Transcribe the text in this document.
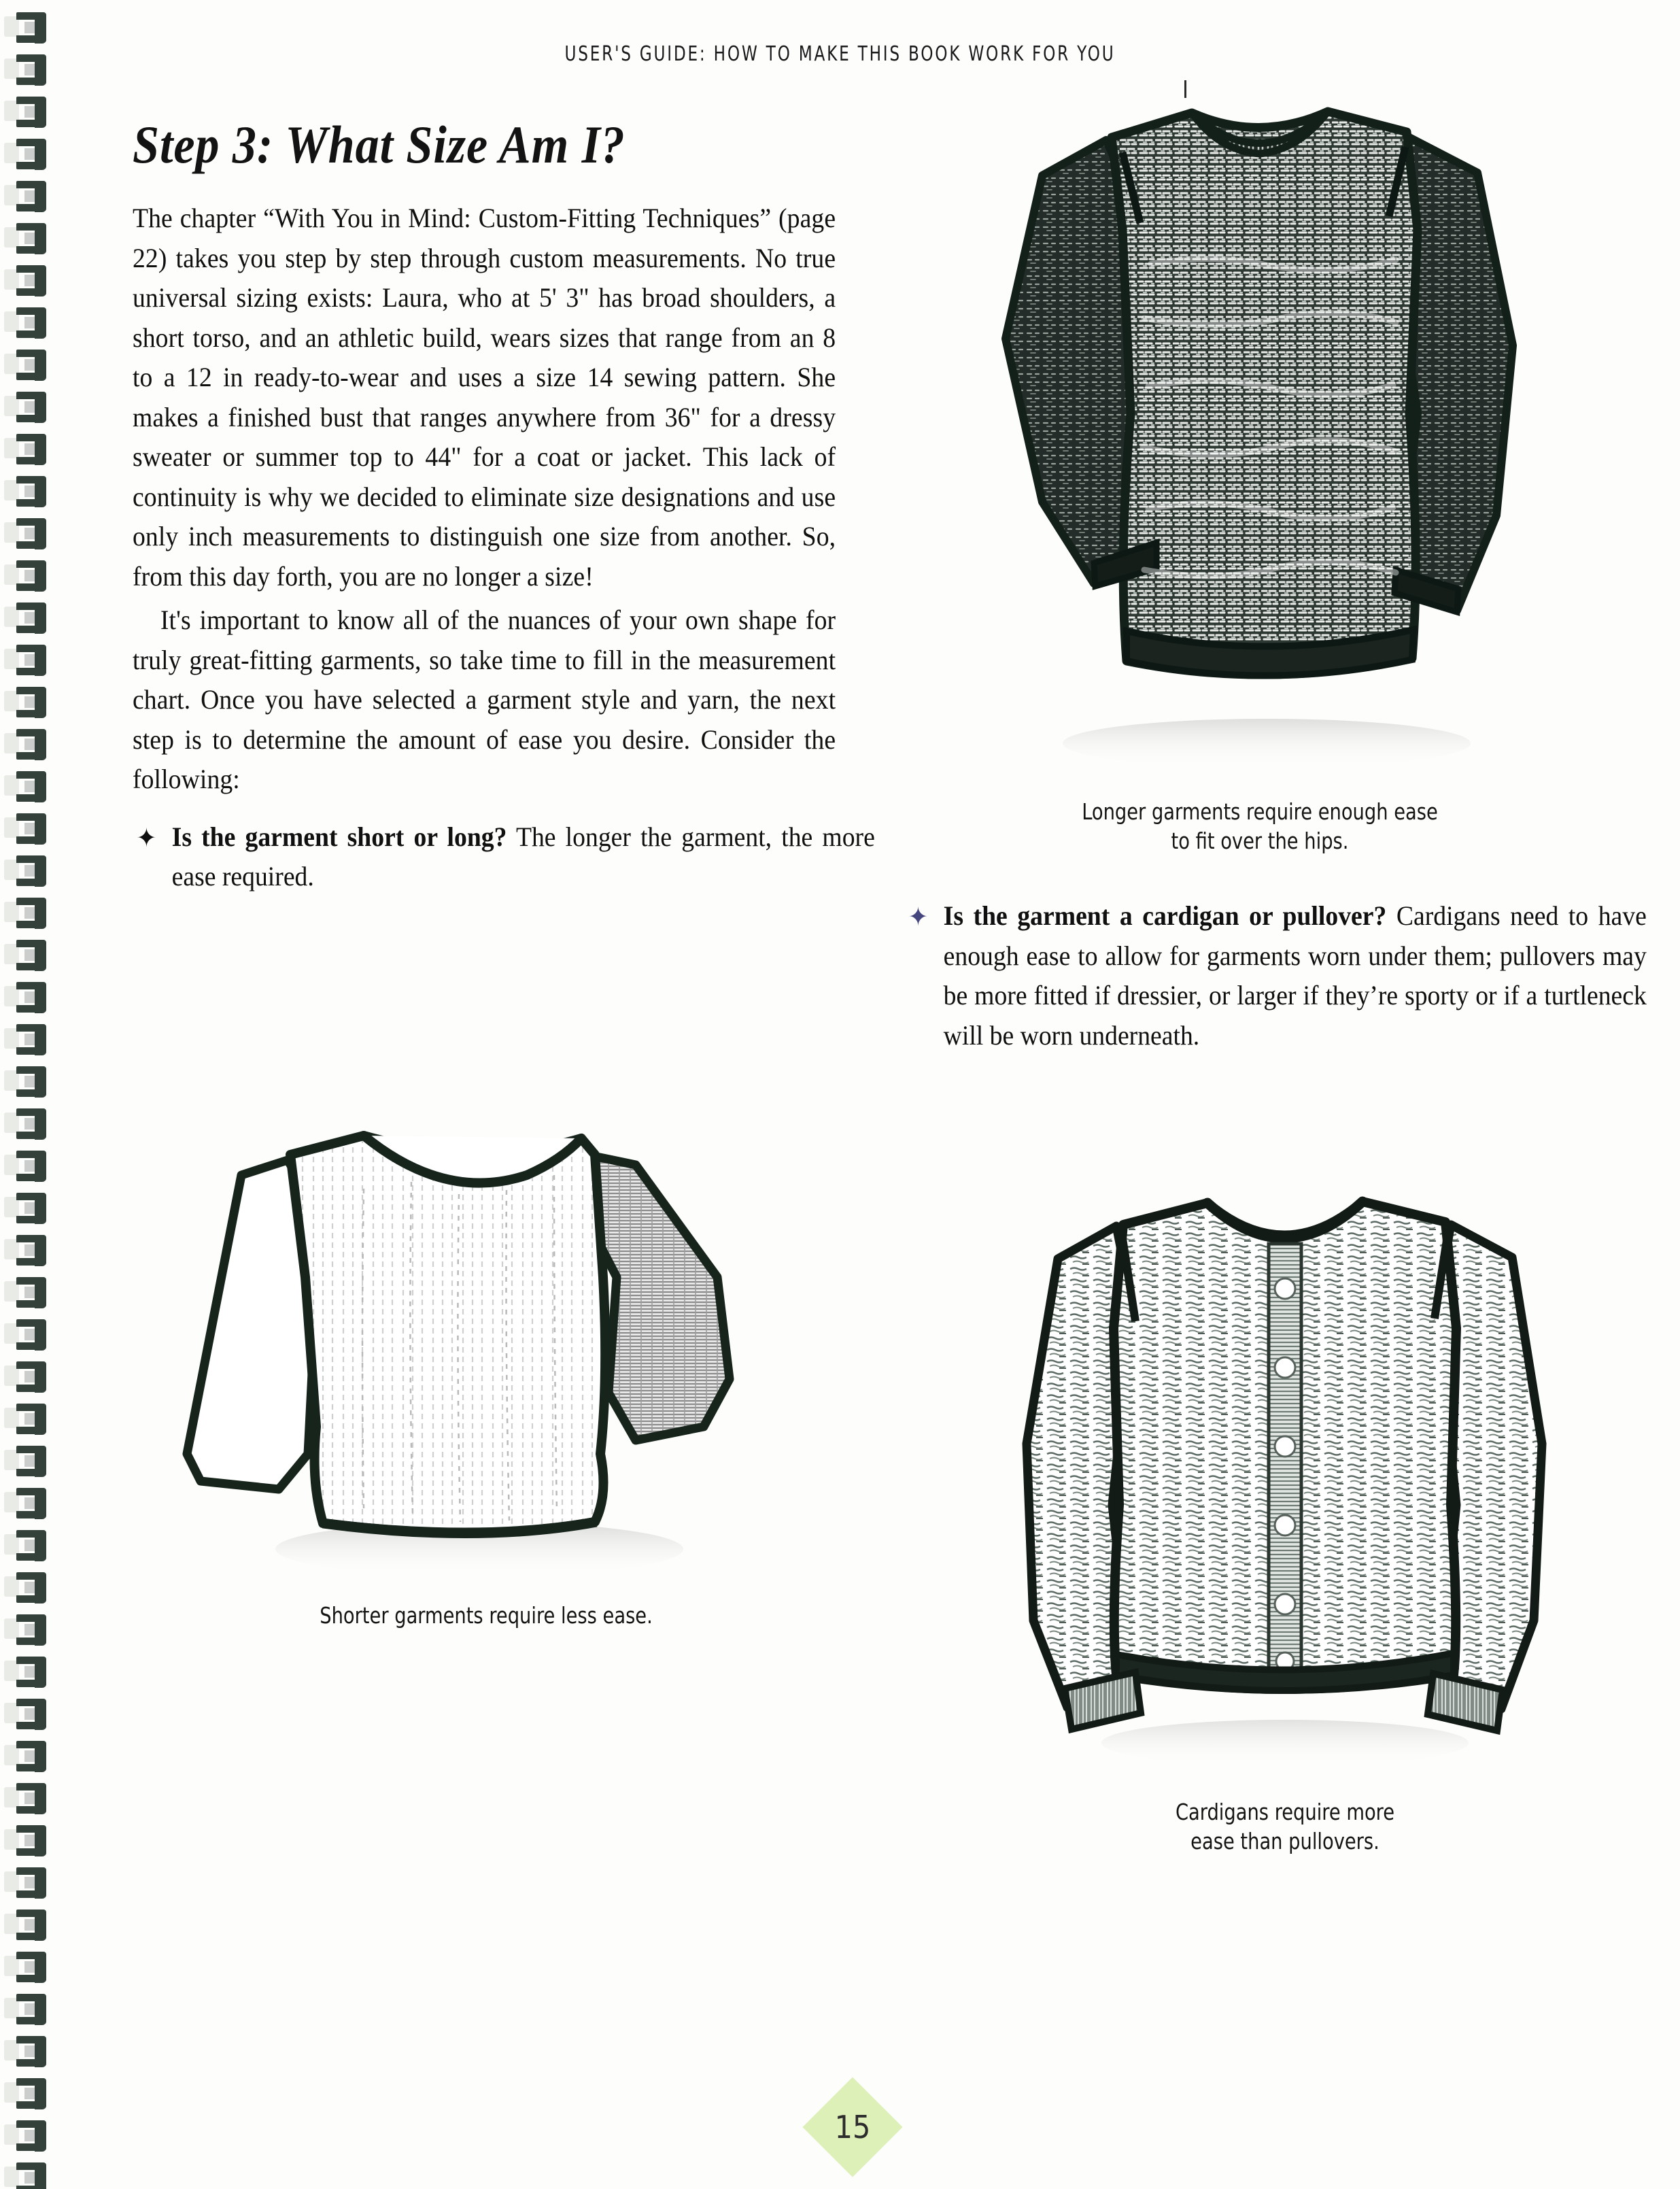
USER'S GUIDE: HOW TO MAKE THIS BOOK WORK FOR YOU
Step 3: What Size Am I?

The chapter “With You in Mind: Custom-Fitting Techniques” (page 22) takes you step by step through custom measurements. No true universal sizing exists: Laura, who at 5' 3" has broad shoulders, a short torso, and an athletic build, wears sizes that range from an 8 to a 12 in ready-to-wear and uses a size 14 sewing pattern. She makes a finished bust that ranges anywhere from 36" for a dressy sweater or summer top to 44" for a coat or jacket. This lack of continuity is why we decided to eliminate size designations and use only inch measurements to distinguish one size from another. So, from this day forth, you are no longer a size!

It's important to know all of the nuances of your own shape for truly great-fitting garments, so take time to fill in the measurement chart. Once you have selected a garment style and yarn, the next step is to determine the amount of ease you desire. Consider the following:

✦ Is the garment short or long? The longer the garment, the more ease required.
Shorter garments require less ease.
Longer garments require enough ease
to fit over the hips.
✦ Is the garment a cardigan or pullover? Cardigans need to have enough ease to allow for garments worn under them; pullovers may be more fitted if dressier, or larger if they’re sporty or if a turtleneck will be worn underneath.
Cardigans require more
ease than pullovers.
15
